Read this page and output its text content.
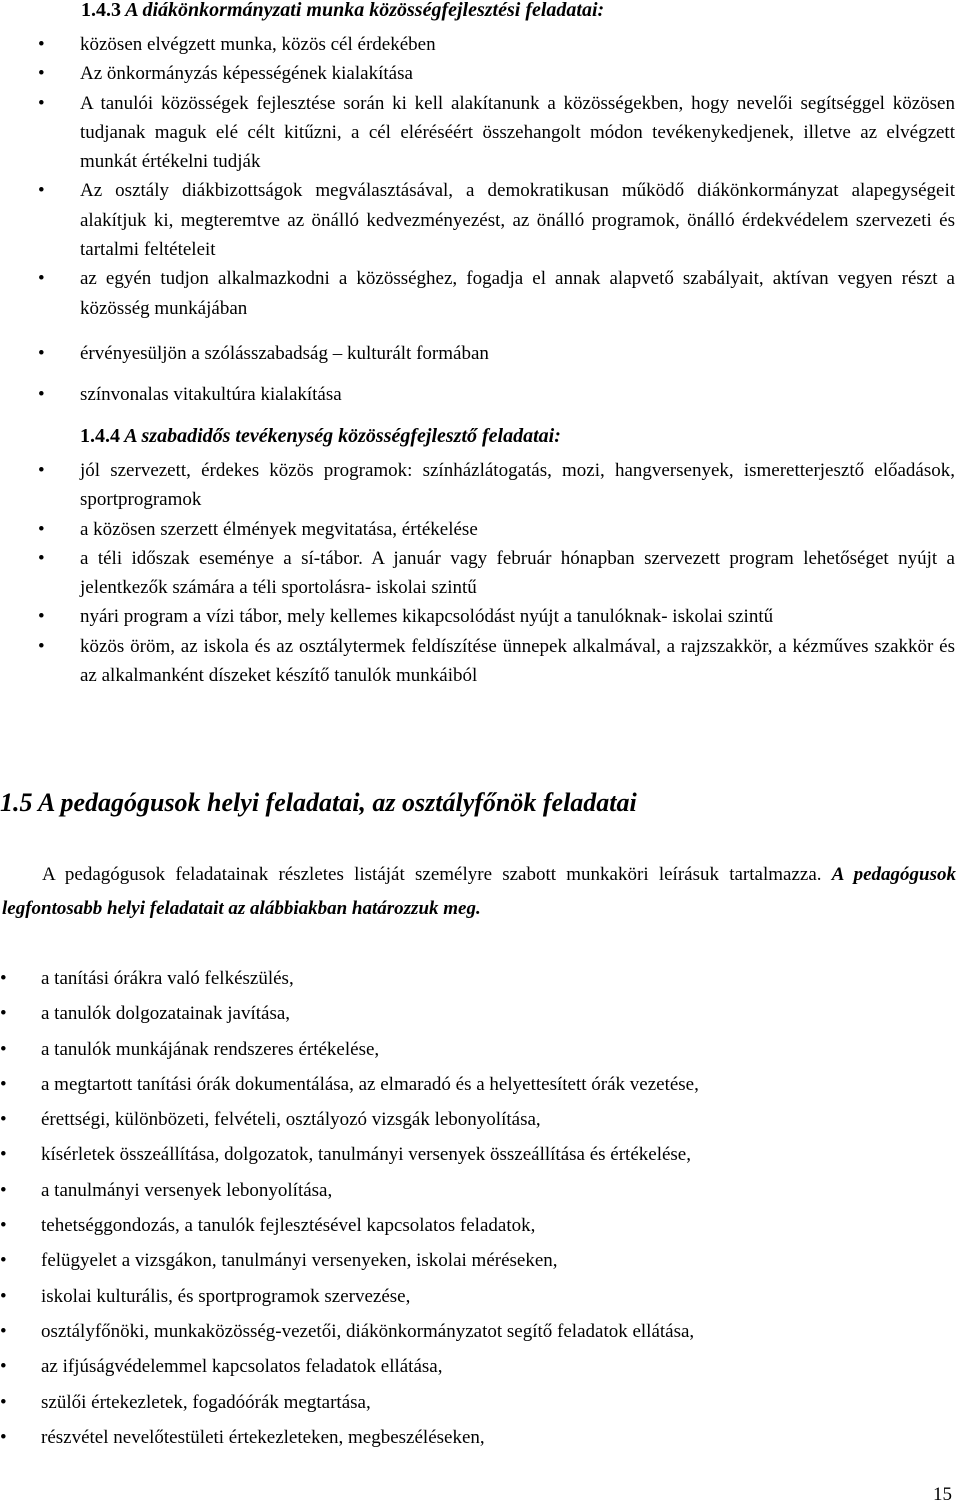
1.4.3 A diákönkormányzati munka közösségfejlesztési feladatai:
• közösen elvégzett munka, közös cél érdekében
• Az önkormányzás képességének kialakítása
• A tanulói közösségek fejlesztése során ki kell alakítanunk a közösségekben, hogy nevelői segítséggel közösen tudjanak maguk elé célt kitűzni, a cél eléréséért összehangolt módon tevékenykedjenek, illetve az elvégzett munkát értékelni tudják
• Az osztály diákbizottságok megválasztásával, a demokratikusan működő diákönkormányzat alapegységeit alakítjuk ki, megteremtve az önálló kedvezményezést, az önálló programok, önálló érdekvédelem szervezeti és tartalmi feltételeit
• az egyén tudjon alkalmazkodni a közösséghez, fogadja el annak alapvető szabályait, aktívan vegyen részt a közösség munkájában
• érvényesüljön a szólásszabadság – kulturált formában
• színvonalas vitakultúra kialakítása
1.4.4 A szabadidős tevékenység közösségfejlesztő feladatai:
• jól szervezett, érdekes közös programok: színházlátogatás, mozi, hangversenyek, ismeretterjesztő előadások, sportprogramok
• a közösen szerzett élmények megvitatása, értékelése
• a téli időszak eseménye a sí-tábor. A január vagy február hónapban szervezett program lehetőséget nyújt a jelentkezők számára a téli sportolásra- iskolai szintű
• nyári program a vízi tábor, mely kellemes kikapcsolódást nyújt a tanulóknak- iskolai szintű
• közös öröm, az iskola és az osztálytermek feldíszítése ünnepek alkalmával, a rajzszakkör, a kézműves szakkör és az alkalmanként díszeket készítő tanulók munkáiból
1.5 A pedagógusok helyi feladatai, az osztályfőnök feladatai

A pedagógusok feladatainak részletes listáját személyre szabott munkaköri leírásuk tartalmazza. A pedagógusok legfontosabb helyi feladatait az alábbiakban határozzuk meg.

• a tanítási órákra való felkészülés,
• a tanulók dolgozatainak javítása,
• a tanulók munkájának rendszeres értékelése,
• a megtartott tanítási órák dokumentálása, az elmaradó és a helyettesített órák vezetése,
• érettségi, különbözeti, felvételi, osztályozó vizsgák lebonyolítása,
• kísérletek összeállítása, dolgozatok, tanulmányi versenyek összeállítása és értékelése,
• a tanulmányi versenyek lebonyolítása,
• tehetséggondozás, a tanulók fejlesztésével kapcsolatos feladatok,
• felügyelet a vizsgákon, tanulmányi versenyeken, iskolai méréseken,
• iskolai kulturális, és sportprogramok szervezése,
• osztályfőnöki, munkaközösség-vezetői, diákönkormányzatot segítő feladatok ellátása,
• az ifjúságvédelemmel kapcsolatos feladatok ellátása,
• szülői értekezletek, fogadóórák megtartása,
• részvétel nevelőtestületi értekezleteken, megbeszéléseken,
15
